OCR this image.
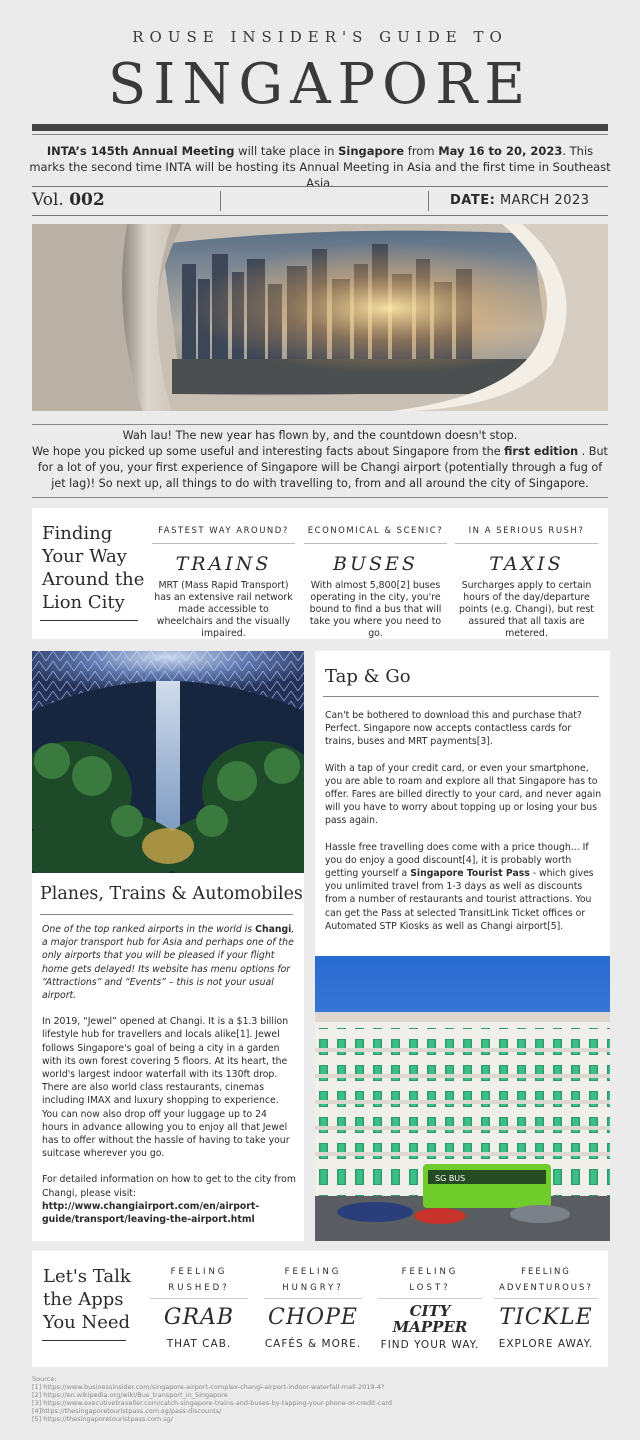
ROUSE INSIDER'S GUIDE TO
SINGAPORE
INTA’s 145th Annual Meeting will take place in Singapore from May 16 to 20, 2023. This marks the second time INTA will be hosting its Annual Meeting in Asia and the first time in Southeast Asia.
Vol. 002	DATE: MARCH 2023
Wah lau! The new year has flown by, and the countdown doesn't stop.
We hope you picked up some useful and interesting facts about Singapore from the first edition . But for a lot of you, your first experience of Singapore will be Changi airport (potentially through a fug of jet lag)! So next up, all things to do with travelling to, from and all around the city of Singapore.
Finding Your Way Around the Lion City
FASTEST WAY AROUND?
TRAINS
MRT (Mass Rapid Transport) has an extensive rail network made accessible to wheelchairs and the visually impaired.
ECONOMICAL & SCENIC?
BUSES
With almost 5,800[2] buses operating in the city, you're bound to find a bus that will take you where you need to go.
IN A SERIOUS RUSH?
TAXIS
Surcharges apply to certain hours of the day/departure points (e.g. Changi), but rest assured that all taxis are metered.
Planes, Trains & Automobiles

One of the top ranked airports in the world is Changi, a major transport hub for Asia and perhaps one of the only airports that you will be pleased if your flight home gets delayed! Its website has menu options for “Attractions” and “Events” – this is not your usual airport.

In 2019, “Jewel” opened at Changi. It is a $1.3 billion lifestyle hub for travellers and locals alike[1]. Jewel follows Singapore's goal of being a city in a garden with its own forest covering 5 floors. At its heart, the world's largest indoor waterfall with its 130ft drop. There are also world class restaurants, cinemas including IMAX and luxury shopping to experience. You can now also drop off your luggage up to 24 hours in advance allowing you to enjoy all that Jewel has to offer without the hassle of having to take your suitcase wherever you go.

For detailed information on how to get to the city from Changi, please visit:

http://www.changiairport.com/en/airport-guide/transport/leaving-the-airport.html
Tap & Go

Can't be bothered to download this and purchase that? Perfect. Singapore now accepts contactless cards for trains, buses and MRT payments[3].

With a tap of your credit card, or even your smartphone, you are able to roam and explore all that Singapore has to offer. Fares are billed directly to your card, and never again will you have to worry about topping up or losing your bus pass again.

Hassle free travelling does come with a price though... If you do enjoy a good discount[4], it is probably worth getting yourself a Singapore Tourist Pass - which gives you unlimited travel from 1-3 days as well as discounts from a number of restaurants and tourist attractions. You can get the Pass at selected TransitLink Ticket offices or Automated STP Kiosks as well as Changi airport[5].

SG BUS
Let's Talk the Apps You Need
FEELING
RUSHED?
GRAB
THAT CAB.
FEELING
HUNGRY?
CHOPE
CAFÉS & MORE.
FEELING
LOST?
CITY
MAPPER
FIND YOUR WAY.
FEELING
ADVENTUROUS?
TICKLE
EXPLORE AWAY.
Source:
[1] https://www.businessinsider.com/singapore-airport-complex-changi-airport-indoor-waterfall-mall-2019-4?
[2] https://en.wikipedia.org/wiki/Bus_transport_in_Singapore
[3] https://www.executivetraveller.com/catch-singapore-trains-and-buses-by-tapping-your-phone-or-credit-card
[4]https://thesingaporetouristpass.com.sg/pass-discounts/
[5] https://thesingaporetouristpass.com.sg/
